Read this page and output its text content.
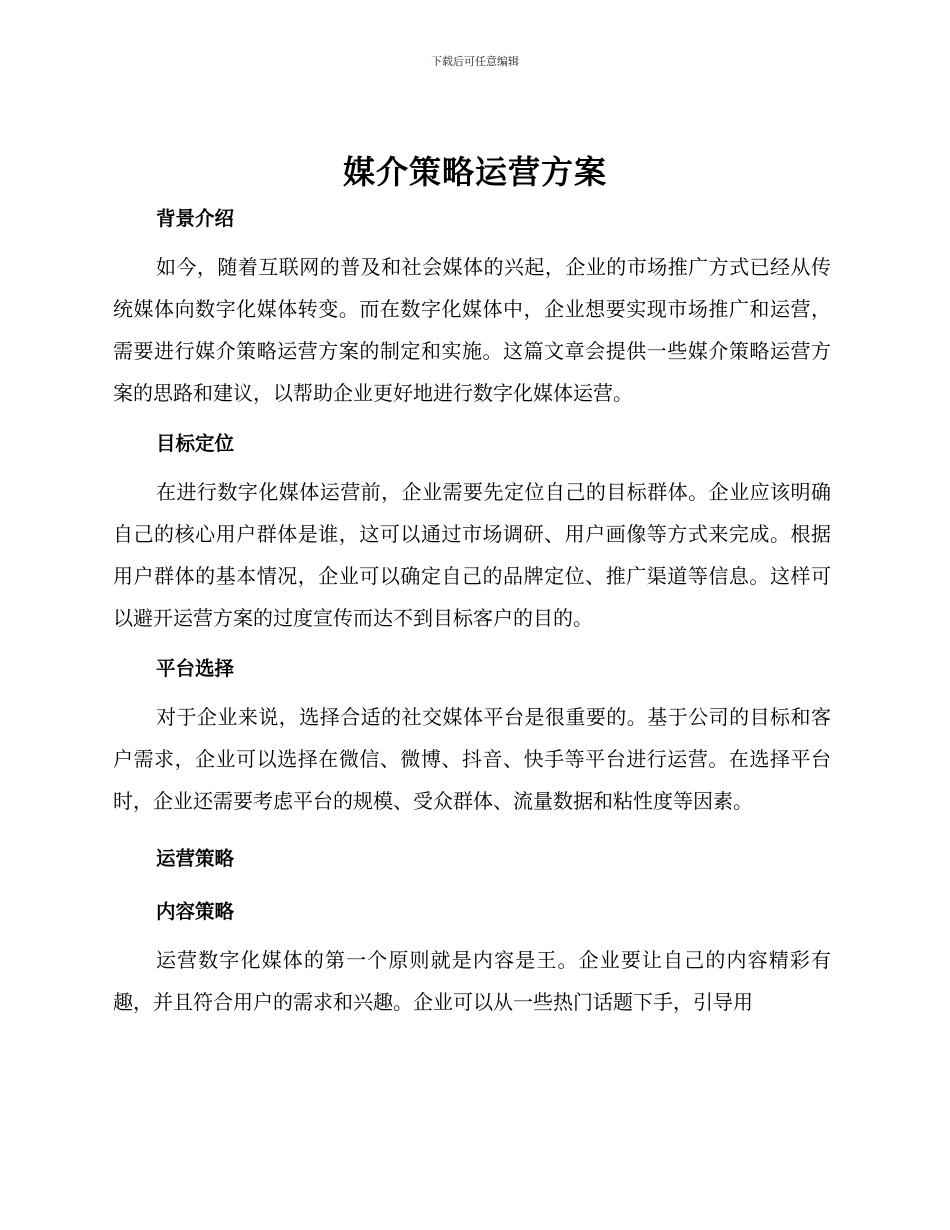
下载后可任意编辑
媒介策略运营方案
背景介绍

如今，随着互联网的普及和社会媒体的兴起，企业的市场推广方式已经从传统媒体向数字化媒体转变。而在数字化媒体中，企业想要实现市场推广和运营，需要进行媒介策略运营方案的制定和实施。这篇文章会提供一些媒介策略运营方案的思路和建议，以帮助企业更好地进行数字化媒体运营。

目标定位

在进行数字化媒体运营前，企业需要先定位自己的目标群体。企业应该明确自己的核心用户群体是谁，这可以通过市场调研、用户画像等方式来完成。根据用户群体的基本情况，企业可以确定自己的品牌定位、推广渠道等信息。这样可以避开运营方案的过度宣传而达不到目标客户的目的。

平台选择

对于企业来说，选择合适的社交媒体平台是很重要的。基于公司的目标和客户需求，企业可以选择在微信、微博、抖音、快手等平台进行运营。在选择平台时，企业还需要考虑平台的规模、受众群体、流量数据和粘性度等因素。

运营策略
内容策略

运营数字化媒体的第一个原则就是内容是王。企业要让自己的内容精彩有趣，并且符合用户的需求和兴趣。企业可以从一些热门话题下手，引导用
